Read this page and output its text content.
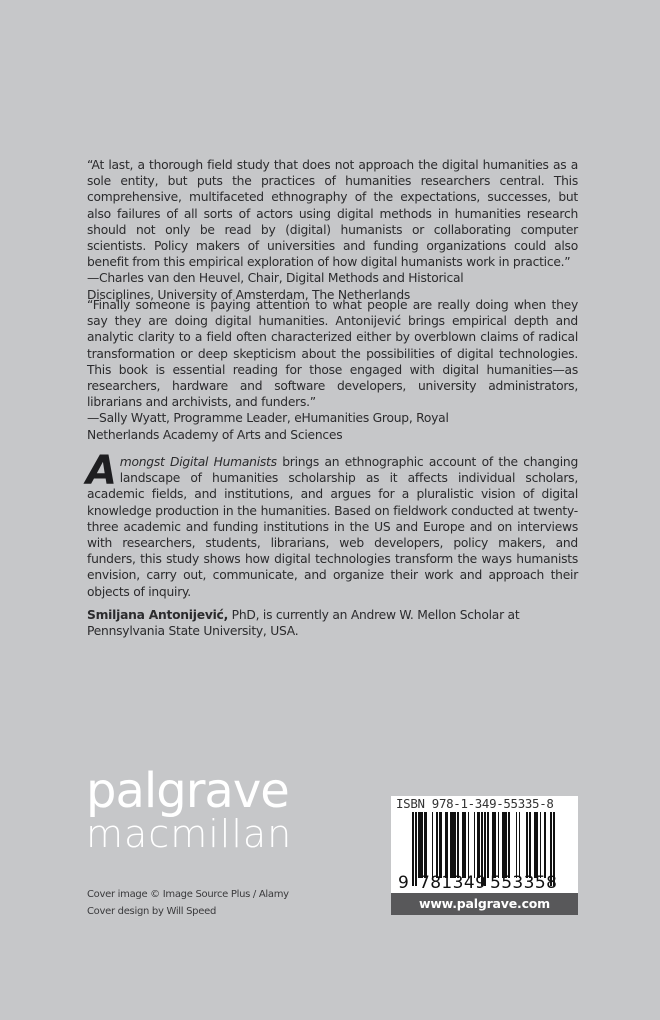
“At last, a thorough field study that does not approach the digital humanities as a sole entity, but puts the practices of humanities researchers central. This comprehensive, multifaceted ethnography of the expectations, successes, but also failures of all sorts of actors using digital methods in humanities research should not only be read by (digital) humanists or collaborating computer scientists. Policy makers of universities and funding organizations could also benefit from this empirical exploration of how digital humanists work in practice.”

—Charles van den Heuvel, Chair, Digital Methods and Historical
Disciplines, University of Amsterdam, The Netherlands

“Finally someone is paying attention to what people are really doing when they say they are doing digital humanities. Antonijević brings empirical depth and analytic clarity to a field often characterized either by overblown claims of radical transformation or deep skepticism about the possibilities of digital technologies. This book is essential reading for those engaged with digital humanities—as researchers, hardware and software developers, university administrators, librarians and archivists, and funders.”

—Sally Wyatt, Programme Leader, eHumanities Group, Royal
Netherlands Academy of Arts and Sciences

Amongst Digital Humanists brings an ethnographic account of the changing landscape of humanities scholarship as it affects individual scholars, academic fields, and institutions, and argues for a pluralistic vision of digital knowledge production in the humanities. Based on fieldwork conducted at twenty-three academic and funding institutions in the US and Europe and on interviews with researchers, students, librarians, web developers, policy makers, and funders, this study shows how digital technologies transform the ways humanists envision, carry out, communicate, and organize their work and approach their objects of inquiry.

Smiljana Antonijević, PhD, is currently an Andrew W. Mellon Scholar at Pennsylvania State University, USA.

palgrave
macmillan
Cover image © Image Source Plus / Alamy
Cover design by Will Speed
ISBN 978-1-349-55335-8
9 781349 553358
www.palgrave.com
